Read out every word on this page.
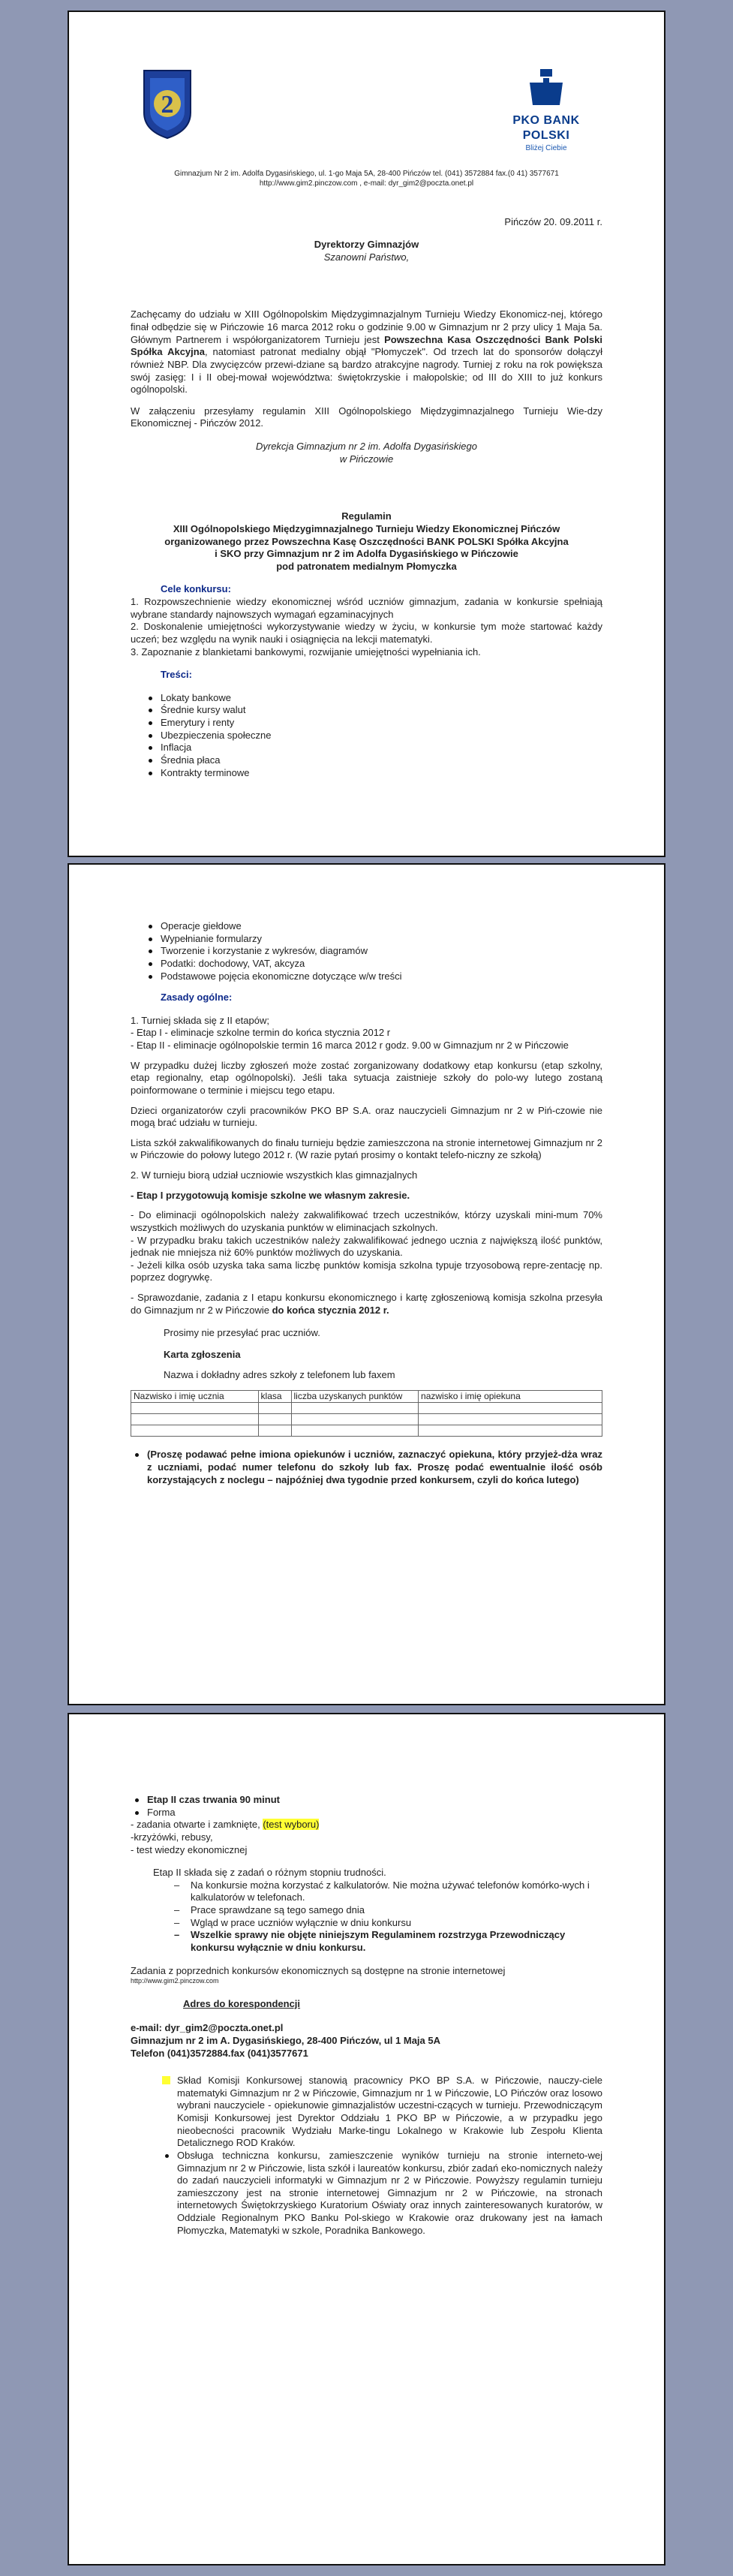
2
PKO BANK POLSKI
Bliżej Ciebie
Gimnazjum Nr 2 im. Adolfa Dygasińskiego, ul. 1-go Maja 5A, 28-400 Pińczów tel. (041) 3572884 fax.(0 41) 3577671
http://www.gim2.pinczow.com , e-mail: dyr_gim2@poczta.onet.pl
Pińczów 20. 09.2011 r.
Dyrektorzy Gimnazjów
Szanowni Państwo,
Zachęcamy do udziału w XIII Ogólnopolskim Międzygimnazjalnym Turnieju Wiedzy Ekonomicz-nej, którego finał odbędzie się w Pińczowie 16 marca 2012 roku o godzinie 9.00 w Gimnazjum nr 2 przy ulicy 1 Maja 5a. Głównym Partnerem i współorganizatorem Turnieju jest Powszechna Kasa Oszczędności Bank Polski Spółka Akcyjna, natomiast patronat medialny objął "Płomyczek". Od trzech lat do sponsorów dołączył również NBP. Dla zwycięzców przewi-dziane są bardzo atrakcyjne nagrody. Turniej z roku na rok powiększa swój zasięg: I i II obej-mował województwa: świętokrzyskie i małopolskie; od III do XIII to już konkurs ogólnopolski.
W załączeniu przesyłamy regulamin XIII Ogólnopolskiego Międzygimnazjalnego Turnieju Wie-dzy Ekonomicznej - Pińczów 2012.
Dyrekcja Gimnazjum nr 2 im. Adolfa Dygasińskiego
w Pińczowie
Regulamin
XIII Ogólnopolskiego Międzygimnazjalnego Turnieju Wiedzy Ekonomicznej Pińczów
organizowanego przez Powszechna Kasę Oszczędności BANK POLSKI Spółka Akcyjna
i SKO przy Gimnazjum nr 2 im Adolfa Dygasińskiego w Pińczowie
pod patronatem medialnym Płomyczka
Cele konkursu:
1. Rozpowszechnienie wiedzy ekonomicznej wśród uczniów gimnazjum, zadania w konkursie spełniają wybrane standardy najnowszych wymagań egzaminacyjnych
2. Doskonalenie umiejętności wykorzystywanie wiedzy w życiu, w konkursie tym może startować każdy uczeń; bez względu na wynik nauki i osiągnięcia na lekcji matematyki.
3. Zapoznanie z blankietami bankowymi, rozwijanie umiejętności wypełniania ich.
Treści:
Lokaty bankowe
Średnie kursy walut
Emerytury i renty
Ubezpieczenia społeczne
Inflacja
Średnia płaca
Kontrakty terminowe
Operacje giełdowe
Wypełnianie formularzy
Tworzenie i korzystanie z wykresów, diagramów
Podatki: dochodowy, VAT, akcyza
Podstawowe pojęcia ekonomiczne dotyczące w/w treści
Zasady ogólne:
1. Turniej składa się z II etapów;
- Etap I - eliminacje szkolne termin do końca stycznia 2012 r
- Etap II - eliminacje ogólnopolskie termin 16 marca 2012 r godz. 9.00 w Gimnazjum nr 2 w Pińczowie
W przypadku dużej liczby zgłoszeń może zostać zorganizowany dodatkowy etap konkursu (etap szkolny, etap regionalny, etap ogólnopolski). Jeśli taka sytuacja zaistnieje szkoły do polo-wy lutego zostaną poinformowane o terminie i miejscu tego etapu.
Dzieci organizatorów czyli pracowników PKO BP S.A. oraz nauczycieli Gimnazjum nr 2 w Piń-czowie nie mogą brać udziału w turnieju.
Lista szkół zakwalifikowanych do finału turnieju będzie zamieszczona na stronie internetowej Gimnazjum nr 2 w Pińczowie do połowy lutego 2012 r. (W razie pytań prosimy o kontakt telefo-niczny ze szkołą)
2. W turnieju biorą udział uczniowie wszystkich klas gimnazjalnych
- Etap I przygotowują komisje szkolne we własnym zakresie.
- Do eliminacji ogólnopolskich należy zakwalifikować trzech uczestników, którzy uzyskali mini-mum 70% wszystkich możliwych do uzyskania punktów w eliminacjach szkolnych.
- W przypadku braku takich uczestników należy zakwalifikować jednego ucznia z największą ilość punktów, jednak nie mniejsza niż 60% punktów możliwych do uzyskania.
- Jeżeli kilka osób uzyska taka sama liczbę punktów komisja szkolna typuje trzyosobową repre-zentację np. poprzez dogrywkę.
- Sprawozdanie, zadania z I etapu konkursu ekonomicznego i kartę zgłoszeniową komisja szkolna przesyła do Gimnazjum nr 2 w Pińczowie do końca stycznia 2012 r.
Prosimy nie przesyłać prac uczniów.
Karta zgłoszenia
Nazwa i dokładny adres szkoły z telefonem lub faxem
Nazwisko i imię ucznia	klasa	liczba uzyskanych punktów	nazwisko i imię opiekuna

(Proszę podawać pełne imiona opiekunów i uczniów, zaznaczyć opiekuna, który przyjeż-dża wraz z uczniami, podać numer telefonu do szkoły lub fax. Proszę podać ewentualnie ilość osób korzystających z noclegu – najpóźniej dwa tygodnie przed konkursem, czyli do końca lutego)
Etap II czas trwania 90 minut
Forma
- zadania otwarte i zamknięte, (test wyboru)
-krzyżówki, rebusy,
- test wiedzy ekonomicznej
Etap II składa się z zadań o różnym stopniu trudności.
– Na konkursie można korzystać z kalkulatorów. Nie można używać telefonów komórko-wych i kalkulatorów w telefonach.
– Prace sprawdzane są tego samego dnia
– Wgląd w prace uczniów wyłącznie w dniu konkursu
– Wszelkie sprawy nie objęte niniejszym Regulaminem rozstrzyga Przewodniczący konkursu wyłącznie w dniu konkursu.
Zadania z poprzednich konkursów ekonomicznych są dostępne na stronie internetowej
http://www.gim2.pinczow.com
Adres do korespondencji
e-mail: dyr_gim2@poczta.onet.pl
Gimnazjum nr 2 im A. Dygasińskiego, 28-400 Pińczów, ul 1 Maja 5A
Telefon (041)3572884.fax (041)3577671
Skład Komisji Konkursowej stanowią pracownicy PKO BP S.A. w Pińczowie, nauczy-ciele matematyki Gimnazjum nr 2 w Pińczowie, Gimnazjum nr 1 w Pińczowie, LO Pińczów oraz losowo wybrani nauczyciele - opiekunowie gimnazjalistów uczestni-czących w turnieju. Przewodniczącym Komisji Konkursowej jest Dyrektor Oddziału 1 PKO BP w Pińczowie, a w przypadku jego nieobecności pracownik Wydziału Marke-tingu Lokalnego w Krakowie lub Zespołu Klienta Detalicznego ROD Kraków.
Obsługa techniczna konkursu, zamieszczenie wyników turnieju na stronie interneto-wej Gimnazjum nr 2 w Pińczowie, lista szkół i laureatów konkursu, zbiór zadań eko-nomicznych należy do zadań nauczycieli informatyki w Gimnazjum nr 2 w Pińczowie. Powyższy regulamin turnieju zamieszczony jest na stronie internetowej Gimnazjum nr 2 w Pińczowie, na stronach internetowych Świętokrzyskiego Kuratorium Oświaty oraz innych zainteresowanych kuratorów, w Oddziale Regionalnym PKO Banku Pol-skiego w Krakowie oraz drukowany jest na łamach Płomyczka, Matematyki w szkole, Poradnika Bankowego.
